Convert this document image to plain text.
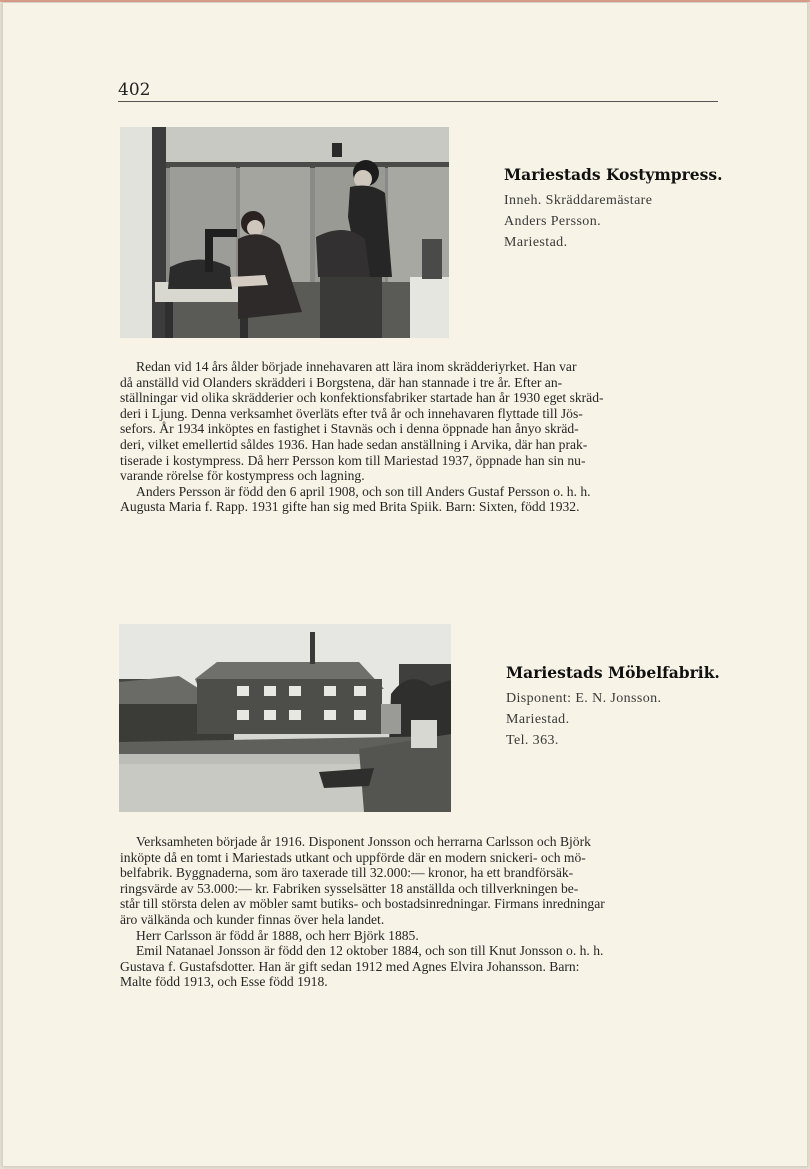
402
Mariestads Kostympress.
Inneh. Skräddaremästare
Anders Persson.
Mariestad.
Redan vid 14 års ålder började innehavaren att lära inom skrädderiyrket. Han var
då anställd vid Olanders skrädderi i Borgstena, där han stannade i tre år. Efter an-
ställningar vid olika skrädderier och konfektionsfabriker startade han år 1930 eget skräd-
deri i Ljung. Denna verksamhet överläts efter två år och innehavaren flyttade till Jös-
sefors. År 1934 inköptes en fastighet i Stavnäs och i denna öppnade han ånyo skräd-
deri, vilket emellertid såldes 1936. Han hade sedan anställning i Arvika, där han prak-
tiserade i kostympress. Då herr Persson kom till Mariestad 1937, öppnade han sin nu-
varande rörelse för kostympress och lagning.
Anders Persson är född den 6 april 1908, och son till Anders Gustaf Persson o. h. h.
Augusta Maria f. Rapp. 1931 gifte han sig med Brita Spiik. Barn: Sixten, född 1932.
Mariestads Möbelfabrik.
Disponent: E. N. Jonsson.
Mariestad.
Tel. 363.
Verksamheten började år 1916. Disponent Jonsson och herrarna Carlsson och Björk
inköpte då en tomt i Mariestads utkant och uppförde där en modern snickeri- och mö-
belfabrik. Byggnaderna, som äro taxerade till 32.000:— kronor, ha ett brandförsäk-
ringsvärde av 53.000:— kr. Fabriken sysselsätter 18 anställda och tillverkningen be-
står till största delen av möbler samt butiks- och bostadsinredningar. Firmans inredningar
äro välkända och kunder finnas över hela landet.
Herr Carlsson är född år 1888, och herr Björk 1885.
Emil Natanael Jonsson är född den 12 oktober 1884, och son till Knut Jonsson o. h. h.
Gustava f. Gustafsdotter. Han är gift sedan 1912 med Agnes Elvira Johansson. Barn:
Malte född 1913, och Esse född 1918.
